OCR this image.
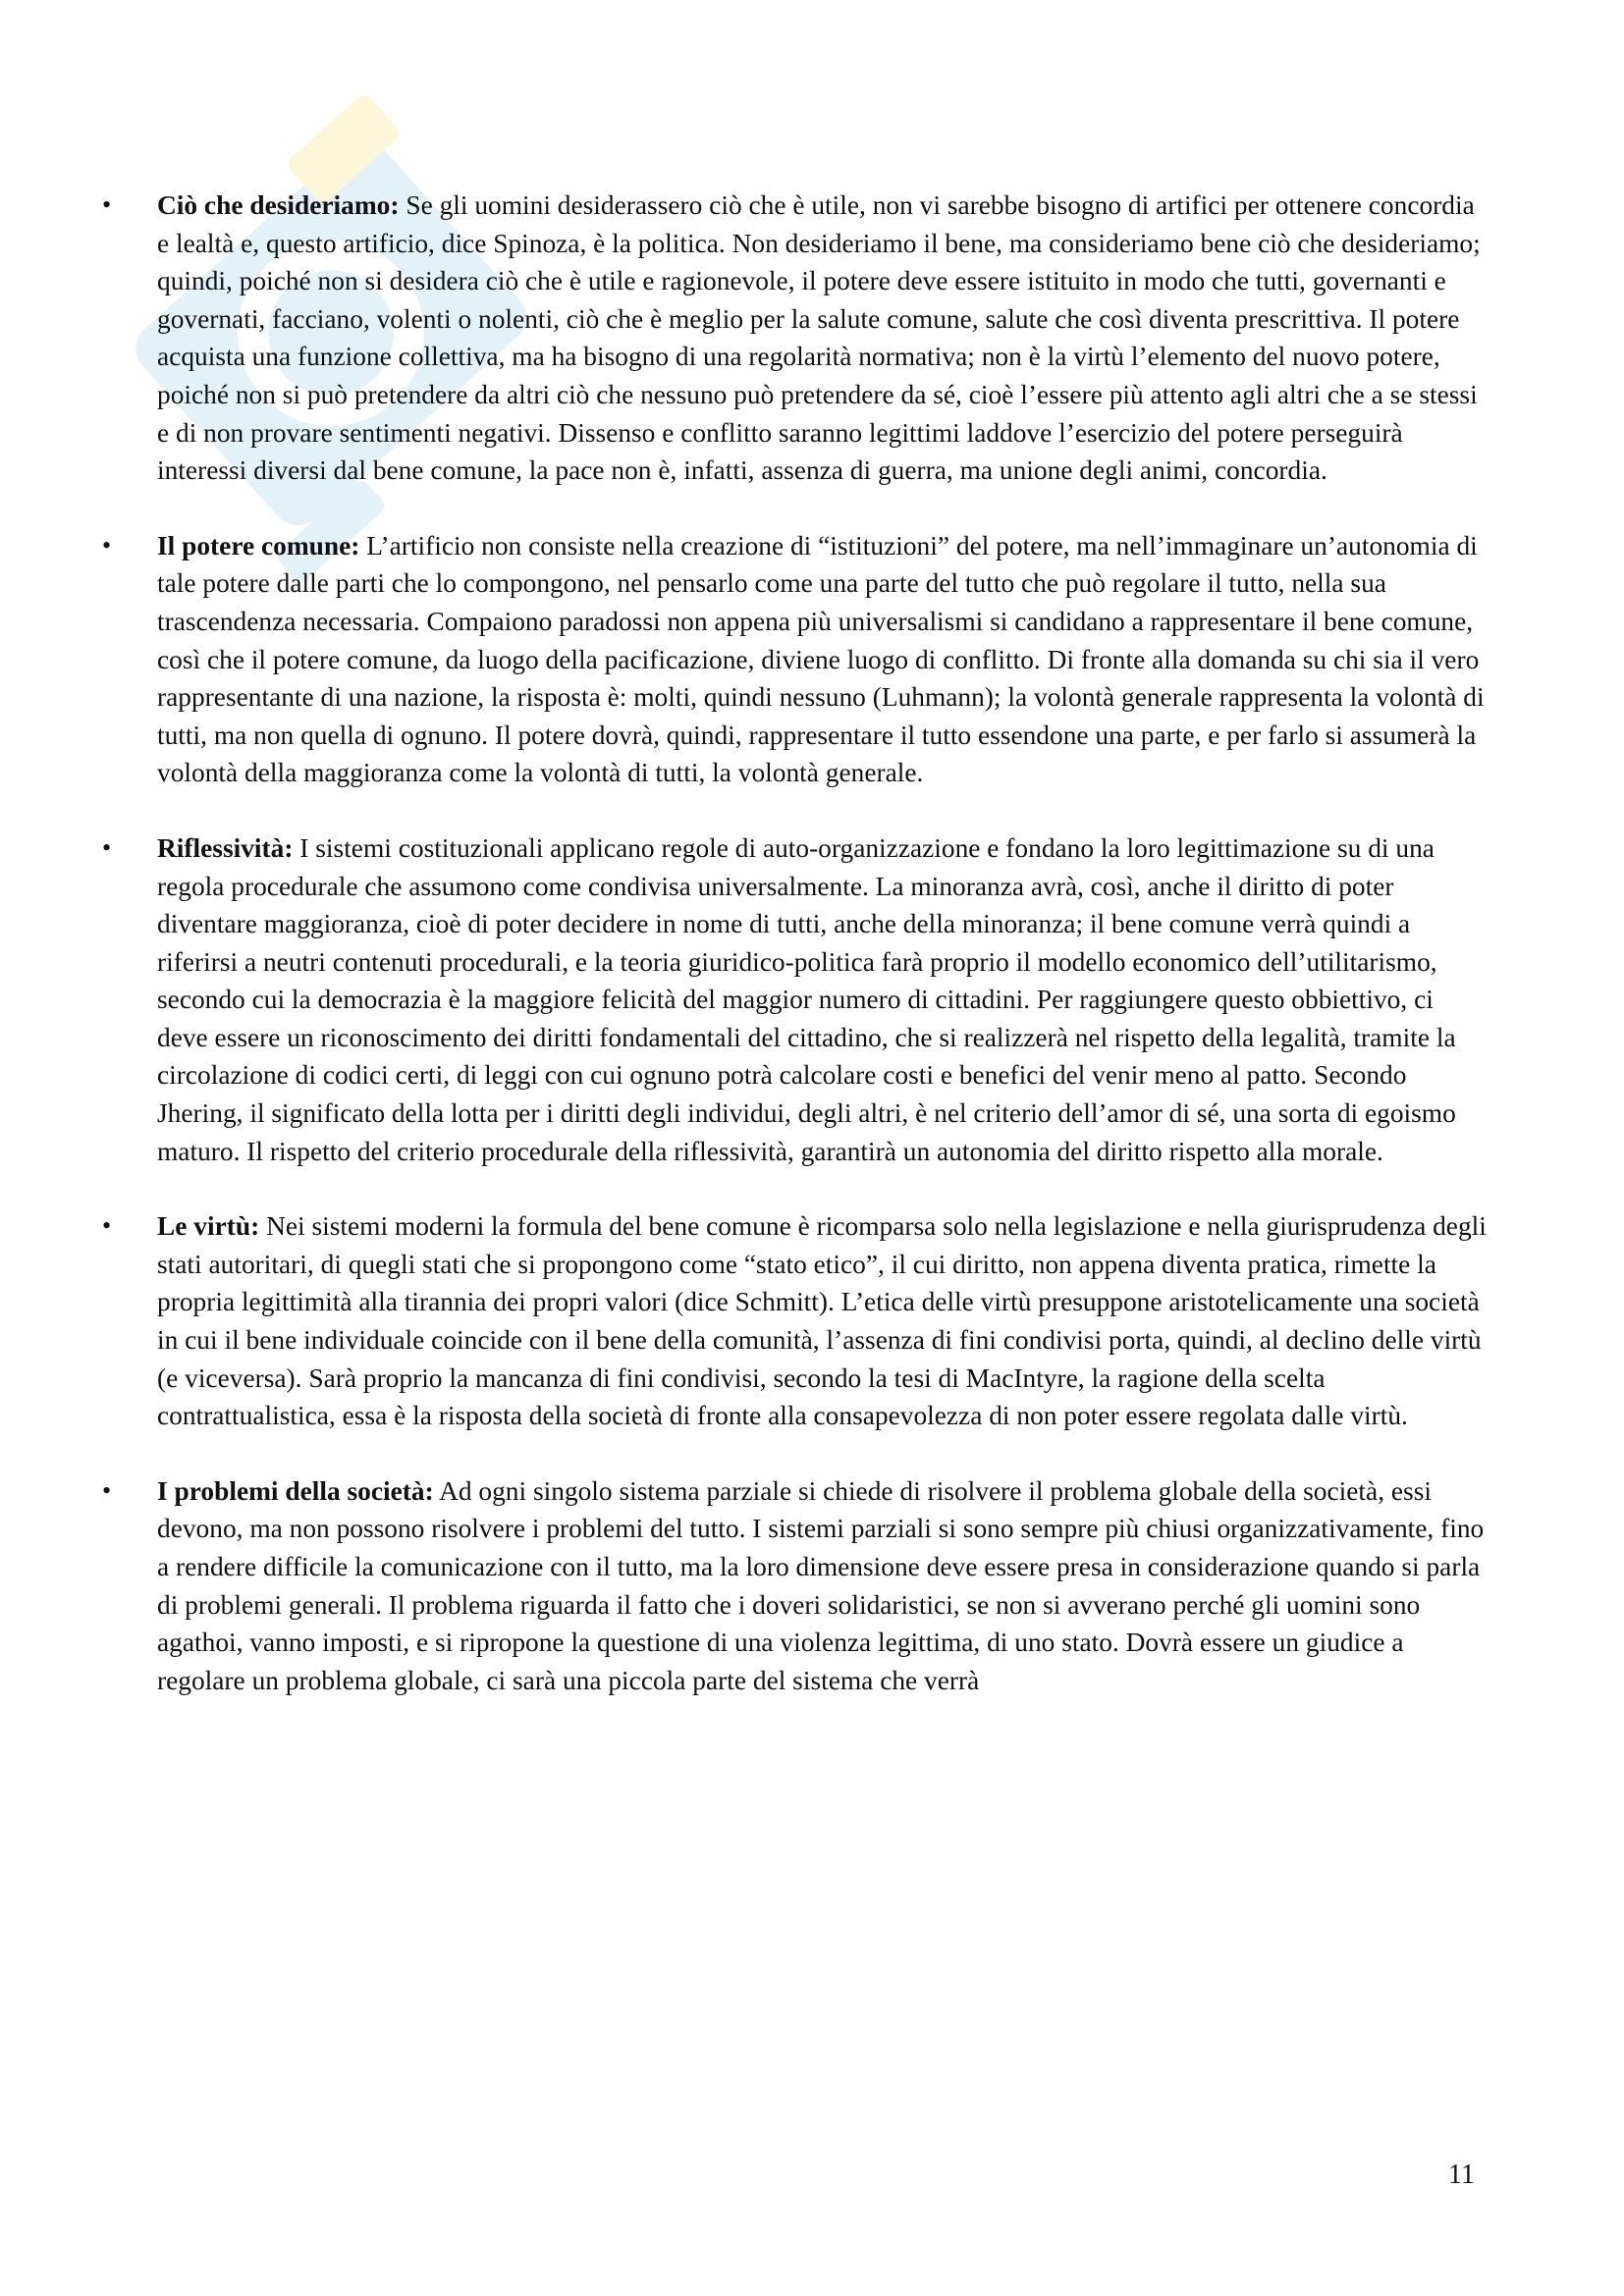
• Ciò che desideriamo: Se gli uomini desiderassero ciò che è utile, non vi sarebbe bisogno di artifici per ottenere concordia e lealtà e, questo artificio, dice Spinoza, è la politica. Non desideriamo il bene, ma consideriamo bene ciò che desideriamo; quindi, poiché non si desidera ciò che è utile e ragionevole, il potere deve essere istituito in modo che tutti, governanti e governati, facciano, volenti o nolenti, ciò che è meglio per la salute comune, salute che così diventa prescrittiva. Il potere acquista una funzione collettiva, ma ha bisogno di una regolarità normativa; non è la virtù l’elemento del nuovo potere, poiché non si può pretendere da altri ciò che nessuno può pretendere da sé, cioè l’essere più attento agli altri che a se stessi e di non provare sentimenti negativi. Dissenso e conflitto saranno legittimi laddove l’esercizio del potere perseguirà interessi diversi dal bene comune, la pace non è, infatti, assenza di guerra, ma unione degli animi, concordia.

• Il potere comune: L’artificio non consiste nella creazione di “istituzioni” del potere, ma nell’immaginare un’autonomia di tale potere dalle parti che lo compongono, nel pensarlo come una parte del tutto che può regolare il tutto, nella sua trascendenza necessaria. Compaiono paradossi non appena più universalismi si candidano a rappresentare il bene comune, così che il potere comune, da luogo della pacificazione, diviene luogo di conflitto. Di fronte alla domanda su chi sia il vero rappresentante di una nazione, la risposta è: molti, quindi nessuno (Luhmann); la volontà generale rappresenta la volontà di tutti, ma non quella di ognuno. Il potere dovrà, quindi, rappresentare il tutto essendone una parte, e per farlo si assumerà la volontà della maggioranza come la volontà di tutti, la volontà generale.

• Riflessività: I sistemi costituzionali applicano regole di auto-organizzazione e fondano la loro legittimazione su di una regola procedurale che assumono come condivisa universalmente. La minoranza avrà, così, anche il diritto di poter diventare maggioranza, cioè di poter decidere in nome di tutti, anche della minoranza; il bene comune verrà quindi a riferirsi a neutri contenuti procedurali, e la teoria giuridico-politica farà proprio il modello economico dell’utilitarismo, secondo cui la democrazia è la maggiore felicità del maggior numero di cittadini. Per raggiungere questo obbiettivo, ci deve essere un riconoscimento dei diritti fondamentali del cittadino, che si realizzerà nel rispetto della legalità, tramite la circolazione di codici certi, di leggi con cui ognuno potrà calcolare costi e benefici del venir meno al patto. Secondo Jhering, il significato della lotta per i diritti degli individui, degli altri, è nel criterio dell’amor di sé, una sorta di egoismo maturo. Il rispetto del criterio procedurale della riflessività, garantirà un autonomia del diritto rispetto alla morale.

• Le virtù: Nei sistemi moderni la formula del bene comune è ricomparsa solo nella legislazione e nella giurisprudenza degli stati autoritari, di quegli stati che si propongono come “stato etico”, il cui diritto, non appena diventa pratica, rimette la propria legittimità alla tirannia dei propri valori (dice Schmitt). L’etica delle virtù presuppone aristotelicamente una società in cui il bene individuale coincide con il bene della comunità, l’assenza di fini condivisi porta, quindi, al declino delle virtù (e viceversa). Sarà proprio la mancanza di fini condivisi, secondo la tesi di MacIntyre, la ragione della scelta contrattualistica, essa è la risposta della società di fronte alla consapevolezza di non poter essere regolata dalle virtù.

• I problemi della società: Ad ogni singolo sistema parziale si chiede di risolvere il problema globale della società, essi devono, ma non possono risolvere i problemi del tutto. I sistemi parziali si sono sempre più chiusi organizzativamente, fino a rendere difficile la comunicazione con il tutto, ma la loro dimensione deve essere presa in considerazione quando si parla di problemi generali. Il problema riguarda il fatto che i doveri solidaristici, se non si avverano perché gli uomini sono agathoi, vanno imposti, e si ripropone la questione di una violenza legittima, di uno stato. Dovrà essere un giudice a regolare un problema globale, ci sarà una piccola parte del sistema che verrà

11
